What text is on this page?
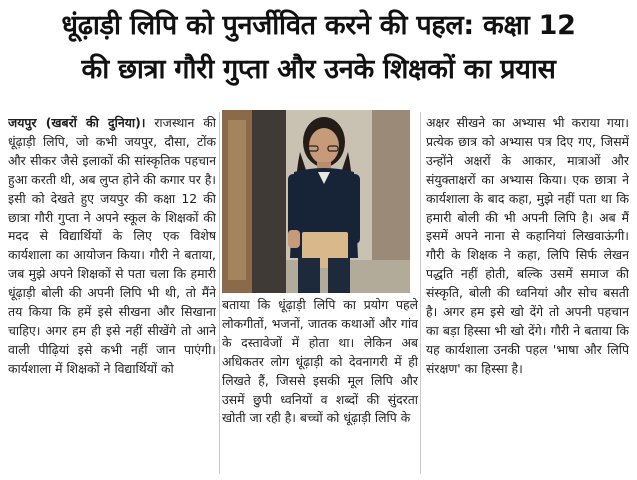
धूंढ़ाड़ी लिपि को पुनर्जीवित करने की पहल: कक्षा 12
की छात्रा गौरी गुप्ता और उनके शिक्षकों का प्रयास

जयपुर (खबरों की दुनिया)। राजस्थान की धूंढ़ाड़ी लिपि, जो कभी जयपुर, दौसा, टोंक और सीकर जैसे इलाकों की सांस्कृतिक पहचान हुआ करती थी, अब लुप्त होने की कगार पर है। इसी को देखते हुए जयपुर की कक्षा 12 की छात्रा गौरी गुप्ता ने अपने स्कूल के शिक्षकों की मदद से विद्यार्थियों के लिए एक विशेष कार्यशाला का आयोजन किया। गौरी ने बताया, जब मुझे अपने शिक्षकों से पता चला कि हमारी धूंढ़ाड़ी बोली की अपनी लिपि भी थी, तो मैंने तय किया कि हमें इसे सीखना और सिखाना चाहिए। अगर हम ही इसे नहीं सीखेंगे तो आने वाली पीढ़ियां इसे कभी नहीं जान पाएंगी। कार्यशाला में शिक्षकों ने विद्यार्थियों को

बताया कि धूंढ़ाड़ी लिपि का प्रयोग पहले लोकगीतों, भजनों, जातक कथाओं और गांव के दस्तावेजों में होता था। लेकिन अब अधिकतर लोग धूंढ़ाड़ी को देवनागरी में ही लिखते हैं, जिससे इसकी मूल लिपि और उसमें छुपी ध्वनियों व शब्दों की सुंदरता खोती जा रही है। बच्चों को धूंढ़ाड़ी लिपि के

अक्षर सीखने का अभ्यास भी कराया गया। प्रत्येक छात्र को अभ्यास पत्र दिए गए, जिसमें उन्होंने अक्षरों के आकार, मात्राओं और संयुक्ताक्षरों का अभ्यास किया। एक छात्रा ने कार्यशाला के बाद कहा, मुझे नहीं पता था कि हमारी बोली की भी अपनी लिपि है। अब मैं इसमें अपने नाना से कहानियां लिखवाऊंगी। गौरी के शिक्षक ने कहा, लिपि सिर्फ लेखन पद्धति नहीं होती, बल्कि उसमें समाज की संस्कृति, बोली की ध्वनियां और सोच बसती है। अगर हम इसे खो देंगे तो अपनी पहचान का बड़ा हिस्सा भी खो देंगे। गौरी ने बताया कि यह कार्यशाला उनकी पहल 'भाषा और लिपि संरक्षण' का हिस्सा है।
